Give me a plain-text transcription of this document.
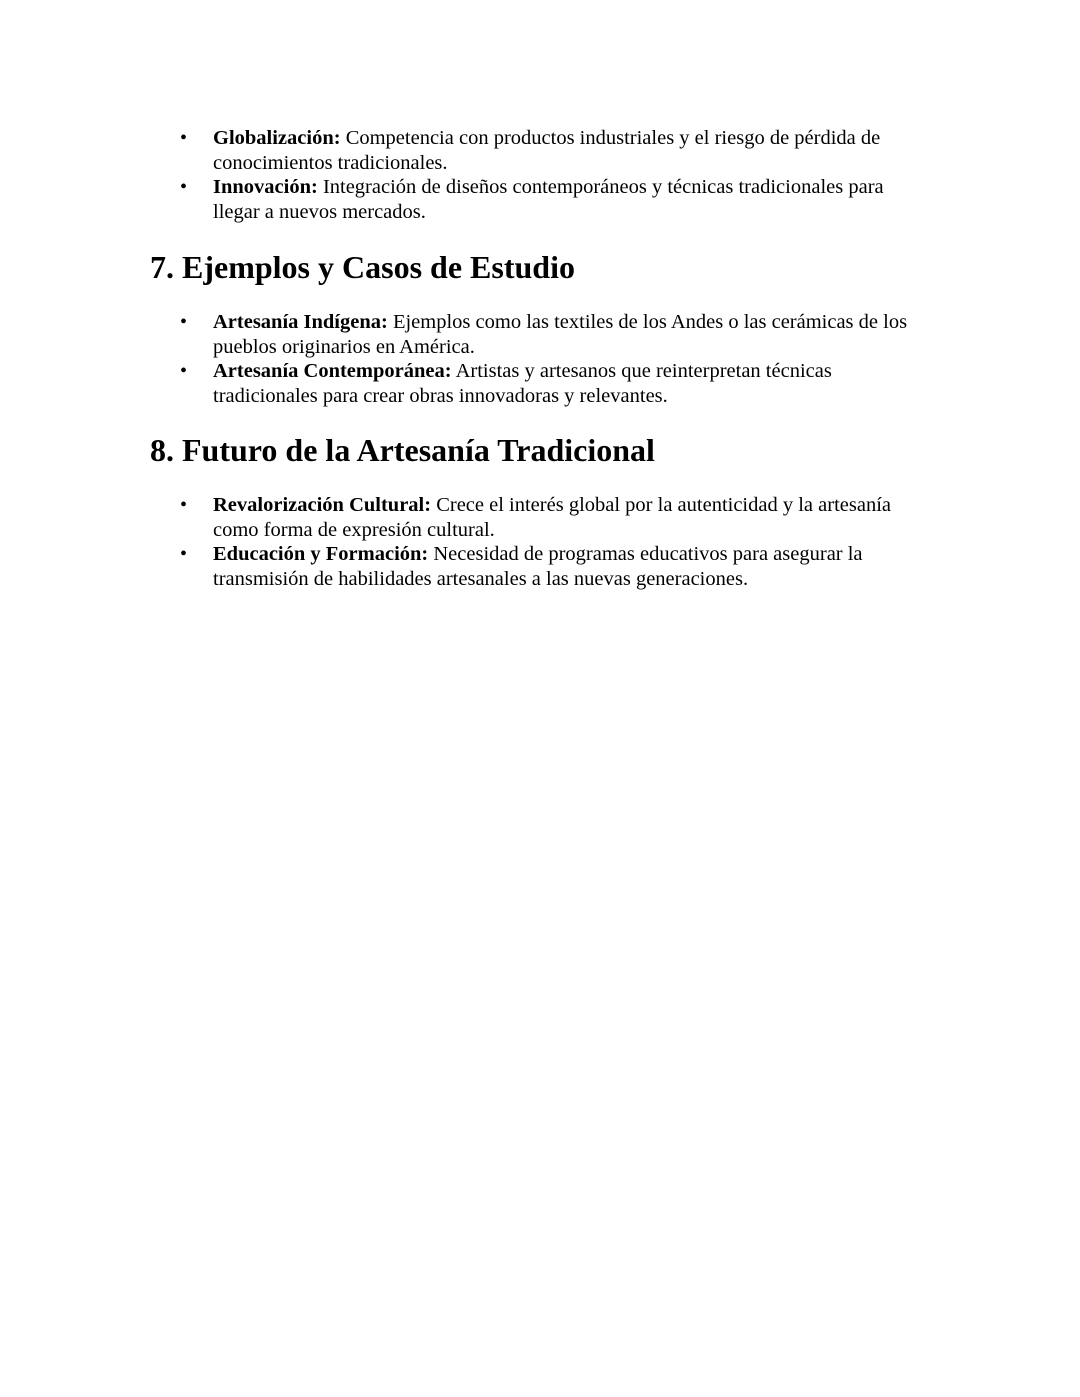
• Globalización: Competencia con productos industriales y el riesgo de pérdida de conocimientos tradicionales.
• Innovación: Integración de diseños contemporáneos y técnicas tradicionales para llegar a nuevos mercados.
7. Ejemplos y Casos de Estudio
• Artesanía Indígena: Ejemplos como las textiles de los Andes o las cerámicas de los pueblos originarios en América.
• Artesanía Contemporánea: Artistas y artesanos que reinterpretan técnicas tradicionales para crear obras innovadoras y relevantes.
8. Futuro de la Artesanía Tradicional
• Revalorización Cultural: Crece el interés global por la autenticidad y la artesanía como forma de expresión cultural.
• Educación y Formación: Necesidad de programas educativos para asegurar la transmisión de habilidades artesanales a las nuevas generaciones.
